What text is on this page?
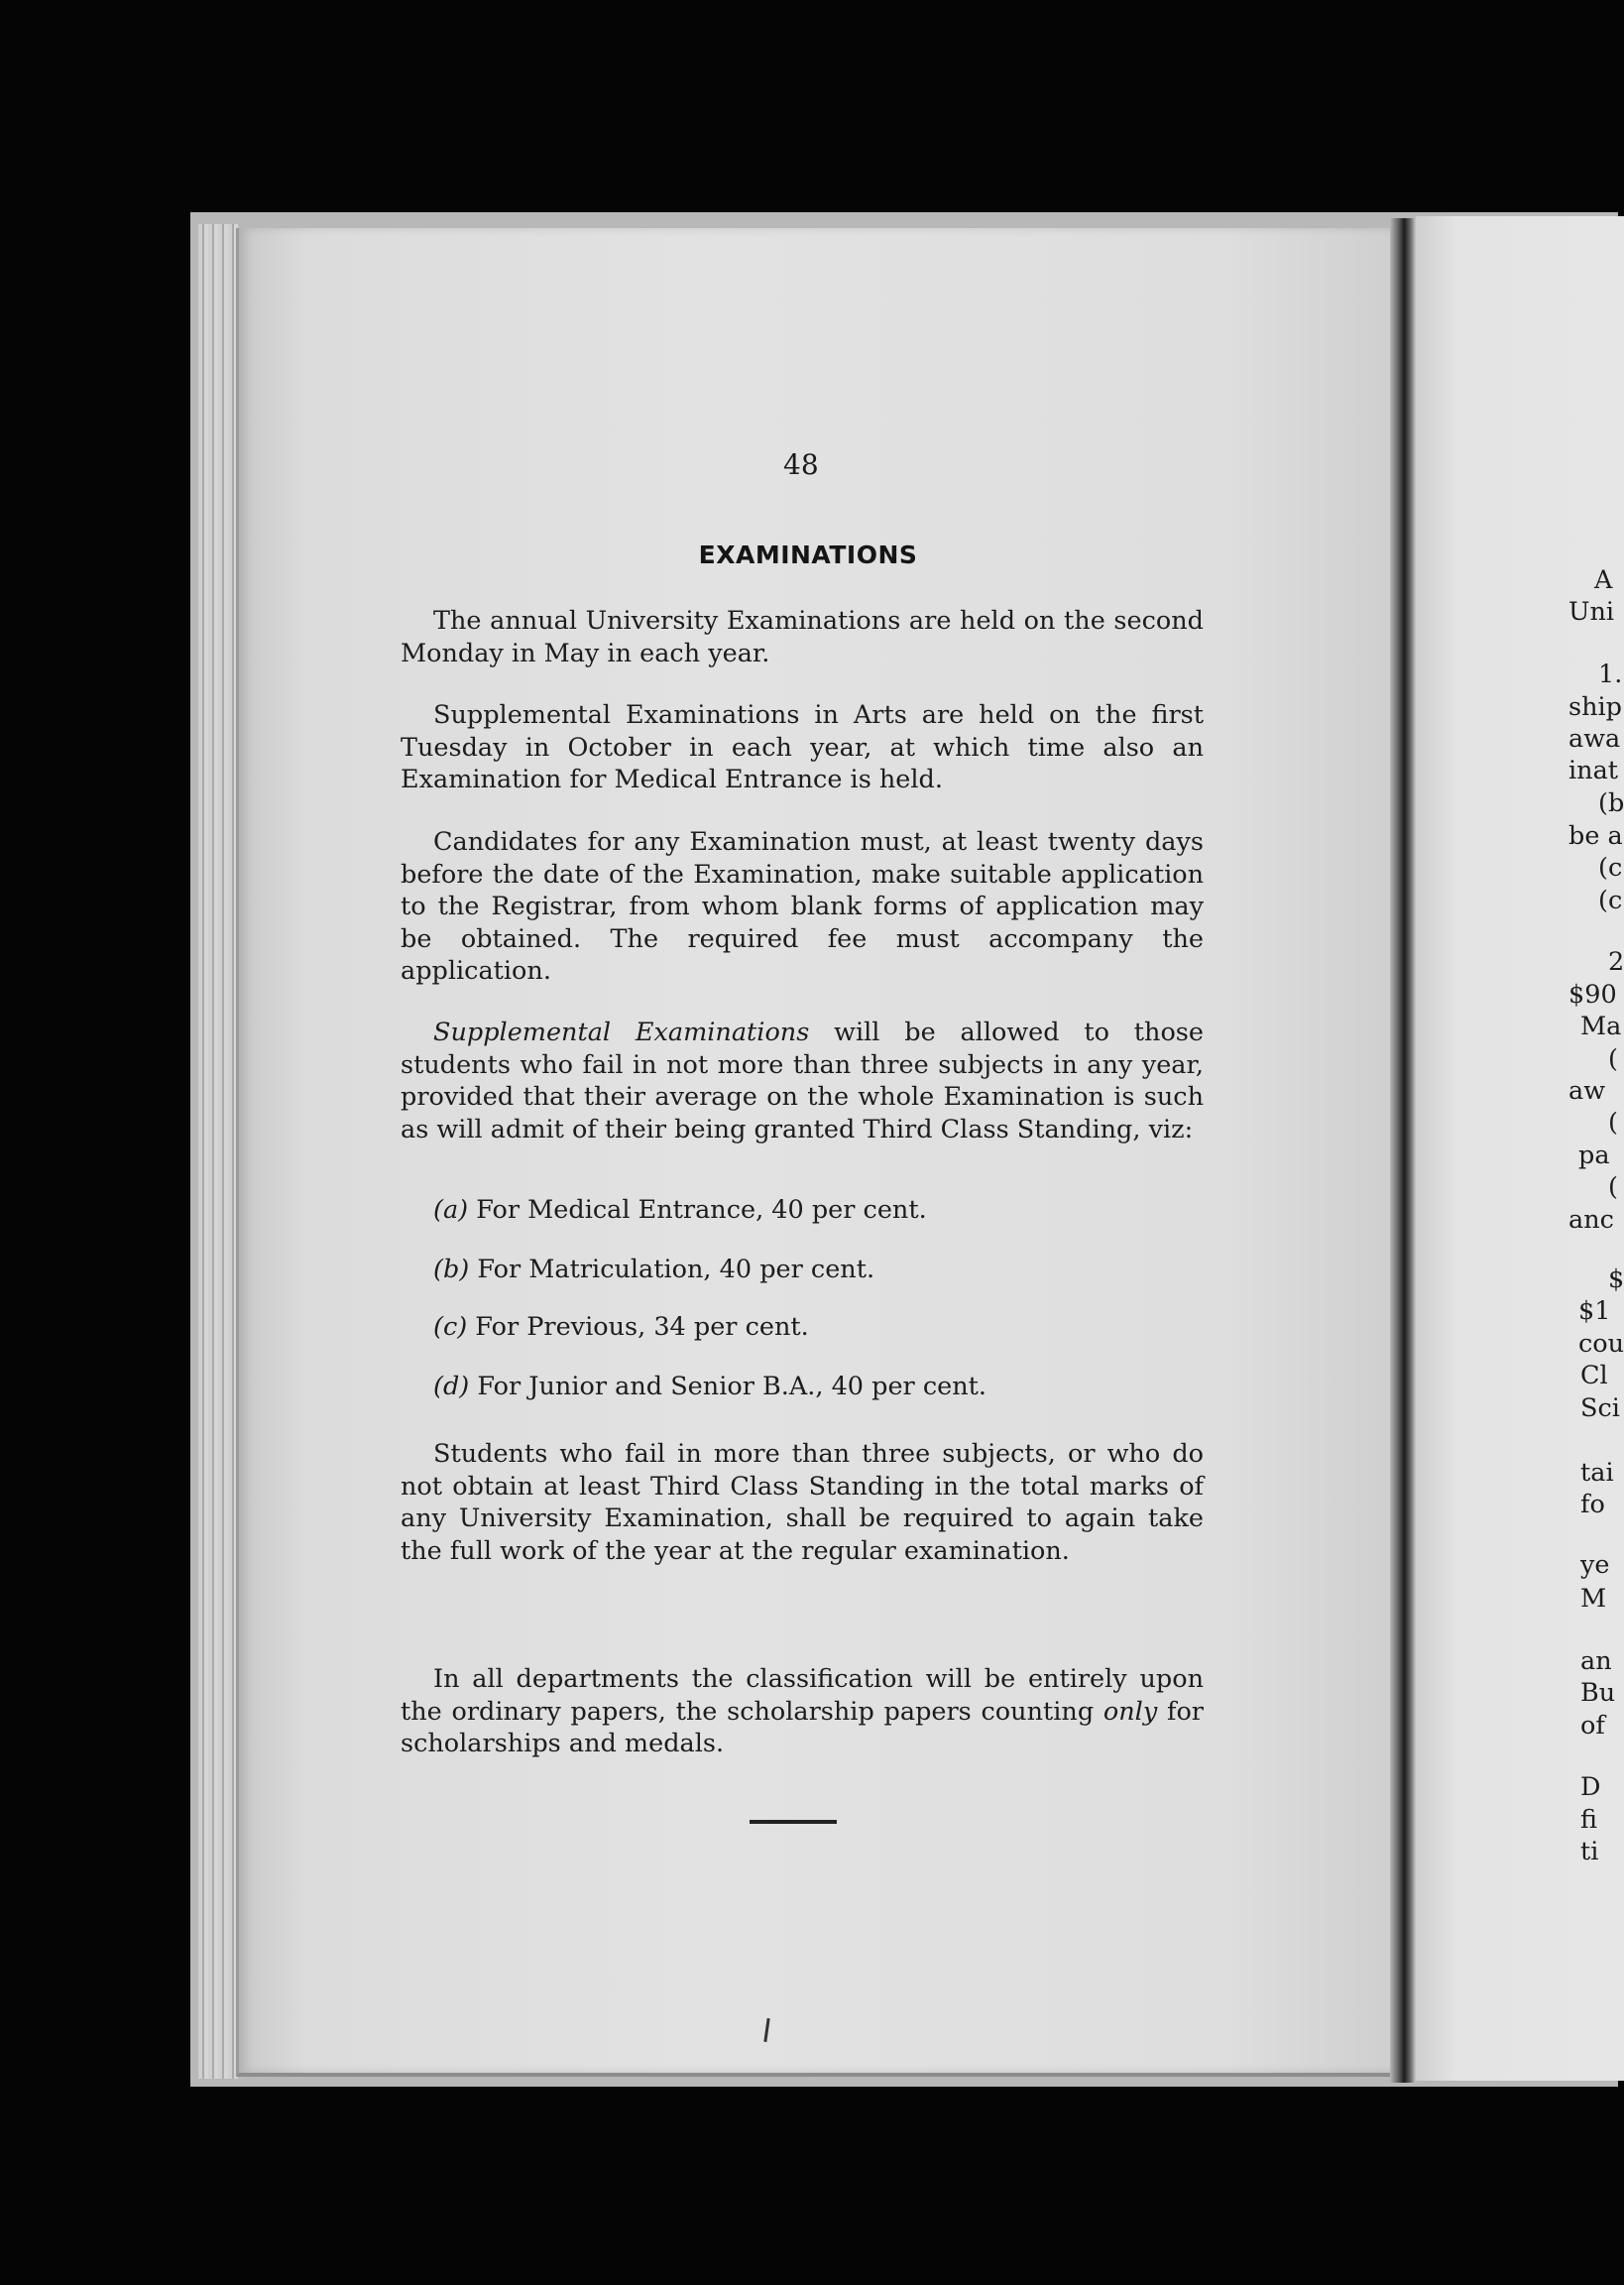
48
EXAMINATIONS
The annual University Examinations are held on the second Monday in May in each year.
Supplemental Examinations in Arts are held on the first Tuesday in October in each year, at which time also an Examination for Medical Entrance is held.
Candidates for any Examination must, at least twenty days before the date of the Examination, make suitable application to the Registrar, from whom blank forms of application may be obtained. The required fee must accompany the application.
Supplemental Examinations will be allowed to those students who fail in not more than three subjects in any year, provided that their average on the whole Examination is such as will admit of their being granted Third Class Standing, viz:
(a) For Medical Entrance, 40 per cent.
(b) For Matriculation, 40 per cent.
(c) For Previous, 34 per cent.
(d) For Junior and Senior B.A., 40 per cent.
Students who fail in more than three subjects, or who do not obtain at least Third Class Standing in the total marks of any University Examination, shall be required to again take the full work of the year at the regular examination.
In all departments the classification will be entirely upon the ordinary papers, the scholarship papers counting only for scholarships and medals.
A
Uni
1.
ship
awa
inat
(b
be a
(c
(c
2
$90
Ma
(
aw
(
pa
(
anc
$
$1
cou
Cl
Sci
tai
fo
ye
M
an
Bu
of
D
fi
ti
